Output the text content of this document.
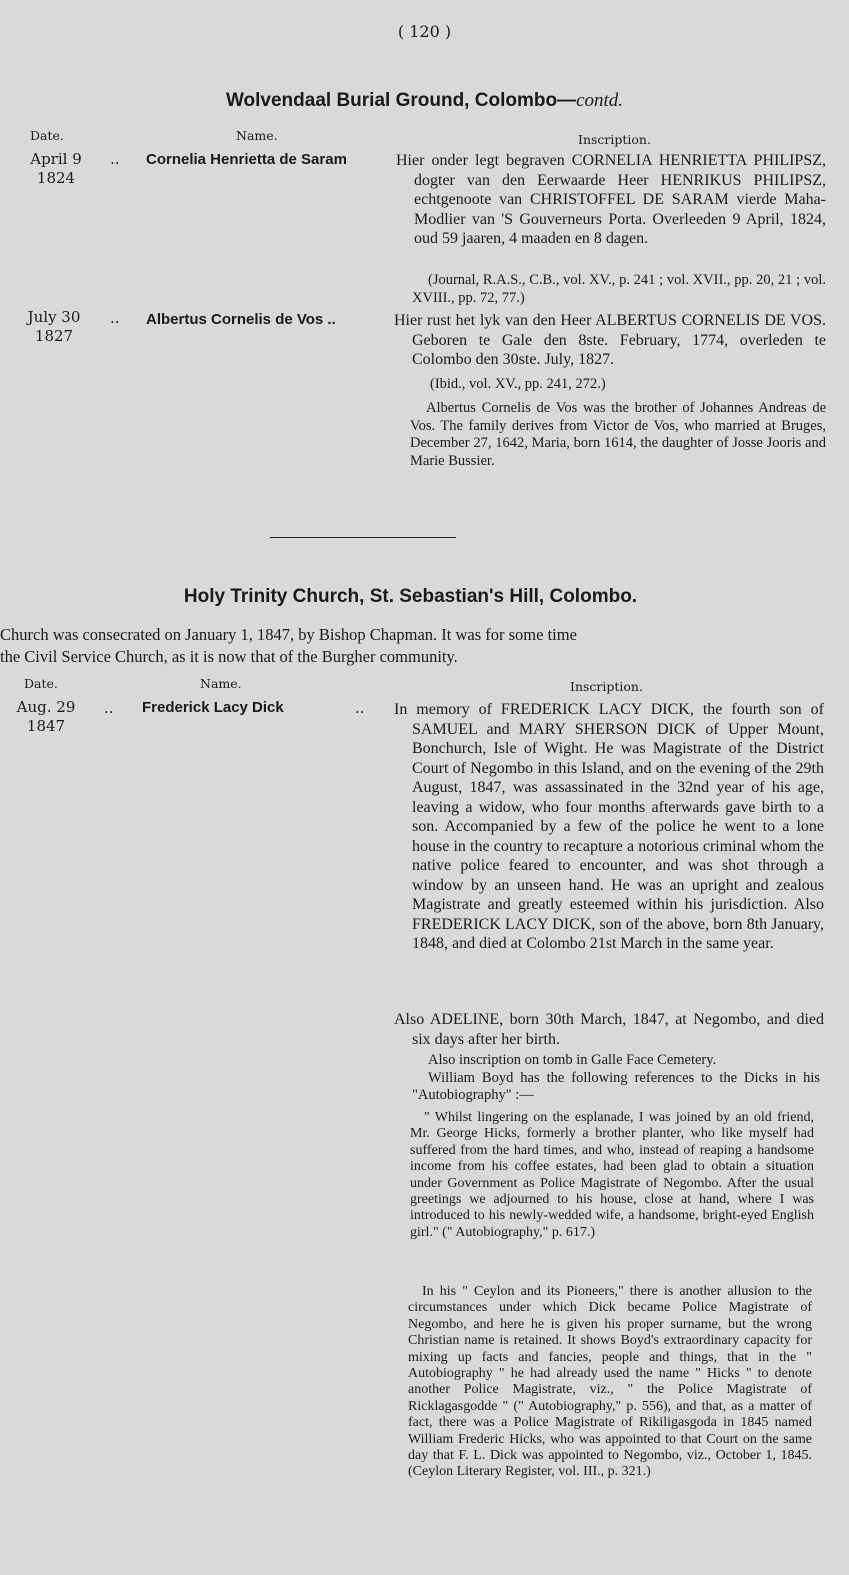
( 120 )
Wolvendaal Burial Ground, Colombo—contd.
Date.	Name.	Inscription.
April 9
1824
.. Cornelia Henrietta de Saram	Hier onder legt begraven CORNELIA HENRIETTA PHILIPSZ, dogter van den Eerwaarde Heer HENRIKUS PHILIPSZ, echtgenoote van CHRISTOFFEL DE SARAM vierde Maha-Modlier van 'S Gouverneurs Porta. Overleeden 9 April, 1824, oud 59 jaaren, 4 maaden en 8 dagen.

(Journal, R.A.S., C.B., vol. XV., p. 241 ; vol. XVII., pp. 20, 21 ; vol. XVIII., pp. 72, 77.)

July 30
1827
.. Albertus Cornelis de Vos ..	Hier rust het lyk van den Heer ALBERTUS CORNELIS DE VOS. Geboren te Gale den 8ste. February, 1774, overleden te Colombo den 30ste. July, 1827.

(Ibid., vol. XV., pp. 241, 272.)

Albertus Cornelis de Vos was the brother of Johannes Andreas de Vos. The family derives from Victor de Vos, who married at Bruges, December 27, 1642, Maria, born 1614, the daughter of Josse Jooris and Marie Bussier.

Holy Trinity Church, St. Sebastian's Hill, Colombo.
Church was consecrated on January 1, 1847, by Bishop Chapman. It was for some time
the Civil Service Church, as it is now that of the Burgher community.
Date.	Name.	Inscription.
Aug. 29
1847
.. Frederick Lacy Dick	.. In memory of FREDERICK LACY DICK, the fourth son of SAMUEL and MARY SHERSON DICK of Upper Mount, Bonchurch, Isle of Wight. He was Magistrate of the District Court of Negombo in this Island, and on the evening of the 29th August, 1847, was assassinated in the 32nd year of his age, leaving a widow, who four months afterwards gave birth to a son. Accompanied by a few of the police he went to a lone house in the country to recapture a notorious criminal whom the native police feared to encounter, and was shot through a window by an unseen hand. He was an upright and zealous Magistrate and greatly esteemed within his jurisdiction. Also FREDERICK LACY DICK, son of the above, born 8th January, 1848, and died at Colombo 21st March in the same year.

Also ADELINE, born 30th March, 1847, at Negombo, and died six days after her birth.

Also inscription on tomb in Galle Face Cemetery.

William Boyd has the following references to the Dicks in his "Autobiography" :—

" Whilst lingering on the esplanade, I was joined by an old friend, Mr. George Hicks, formerly a brother planter, who like myself had suffered from the hard times, and who, instead of reaping a handsome income from his coffee estates, had been glad to obtain a situation under Government as Police Magistrate of Negombo. After the usual greetings we adjourned to his house, close at hand, where I was introduced to his newly-wedded wife, a handsome, bright-eyed English girl." (" Autobiography," p. 617.)

In his " Ceylon and its Pioneers," there is another allusion to the circumstances under which Dick became Police Magistrate of Negombo, and here he is given his proper surname, but the wrong Christian name is retained. It shows Boyd's extraordinary capacity for mixing up facts and fancies, people and things, that in the " Autobiography " he had already used the name " Hicks " to denote another Police Magistrate, viz., " the Police Magistrate of Ricklagasgodde " (" Autobiography," p. 556), and that, as a matter of fact, there was a Police Magistrate of Rikiligasgoda in 1845 named William Frederic Hicks, who was appointed to that Court on the same day that F. L. Dick was appointed to Negombo, viz., October 1, 1845. (Ceylon Literary Register, vol. III., p. 321.)
